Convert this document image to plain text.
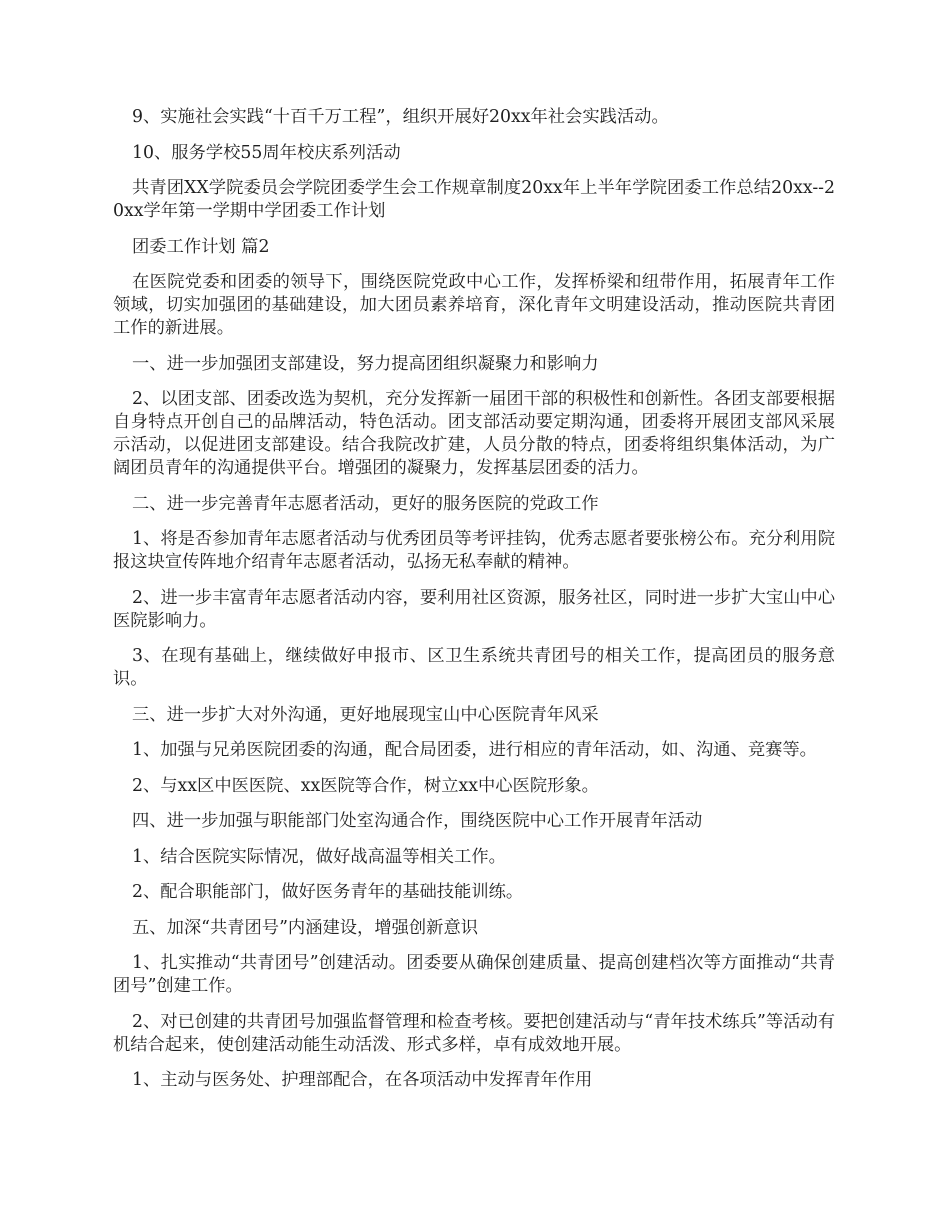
9、实施社会实践“十百千万工程”，组织开展好20xx年社会实践活动。

10、服务学校55周年校庆系列活动

共青团XX学院委员会学院团委学生会工作规章制度20xx年上半年学院团委工作总结20xx--20xx学年第一学期中学团委工作计划

团委工作计划 篇2

在医院党委和团委的领导下，围绕医院党政中心工作，发挥桥梁和纽带作用，拓展青年工作领域，切实加强团的基础建设，加大团员素养培育，深化青年文明建设活动，推动医院共青团工作的新进展。

一、进一步加强团支部建设，努力提高团组织凝聚力和影响力

2、以团支部、团委改选为契机，充分发挥新一届团干部的积极性和创新性。各团支部要根据自身特点开创自己的品牌活动，特色活动。团支部活动要定期沟通，团委将开展团支部风采展示活动，以促进团支部建设。结合我院改扩建，人员分散的特点，团委将组织集体活动，为广阔团员青年的沟通提供平台。增强团的凝聚力，发挥基层团委的活力。

二、进一步完善青年志愿者活动，更好的服务医院的党政工作

1、将是否参加青年志愿者活动与优秀团员等考评挂钩，优秀志愿者要张榜公布。充分利用院报这块宣传阵地介绍青年志愿者活动，弘扬无私奉献的精神。

2、进一步丰富青年志愿者活动内容，要利用社区资源，服务社区，同时进一步扩大宝山中心医院影响力。

3、在现有基础上，继续做好申报市、区卫生系统共青团号的相关工作，提高团员的服务意识。

三、进一步扩大对外沟通，更好地展现宝山中心医院青年风采

1、加强与兄弟医院团委的沟通，配合局团委，进行相应的青年活动，如、沟通、竞赛等。

2、与xx区中医医院、xx医院等合作，树立xx中心医院形象。

四、进一步加强与职能部门处室沟通合作，围绕医院中心工作开展青年活动

1、结合医院实际情况，做好战高温等相关工作。

2、配合职能部门，做好医务青年的基础技能训练。

五、加深“共青团号”内涵建设，增强创新意识

1、扎实推动“共青团号”创建活动。团委要从确保创建质量、提高创建档次等方面推动“共青团号”创建工作。

2、对已创建的共青团号加强监督管理和检查考核。要把创建活动与“青年技术练兵”等活动有机结合起来，使创建活动能生动活泼、形式多样，卓有成效地开展。

1、主动与医务处、护理部配合，在各项活动中发挥青年作用
